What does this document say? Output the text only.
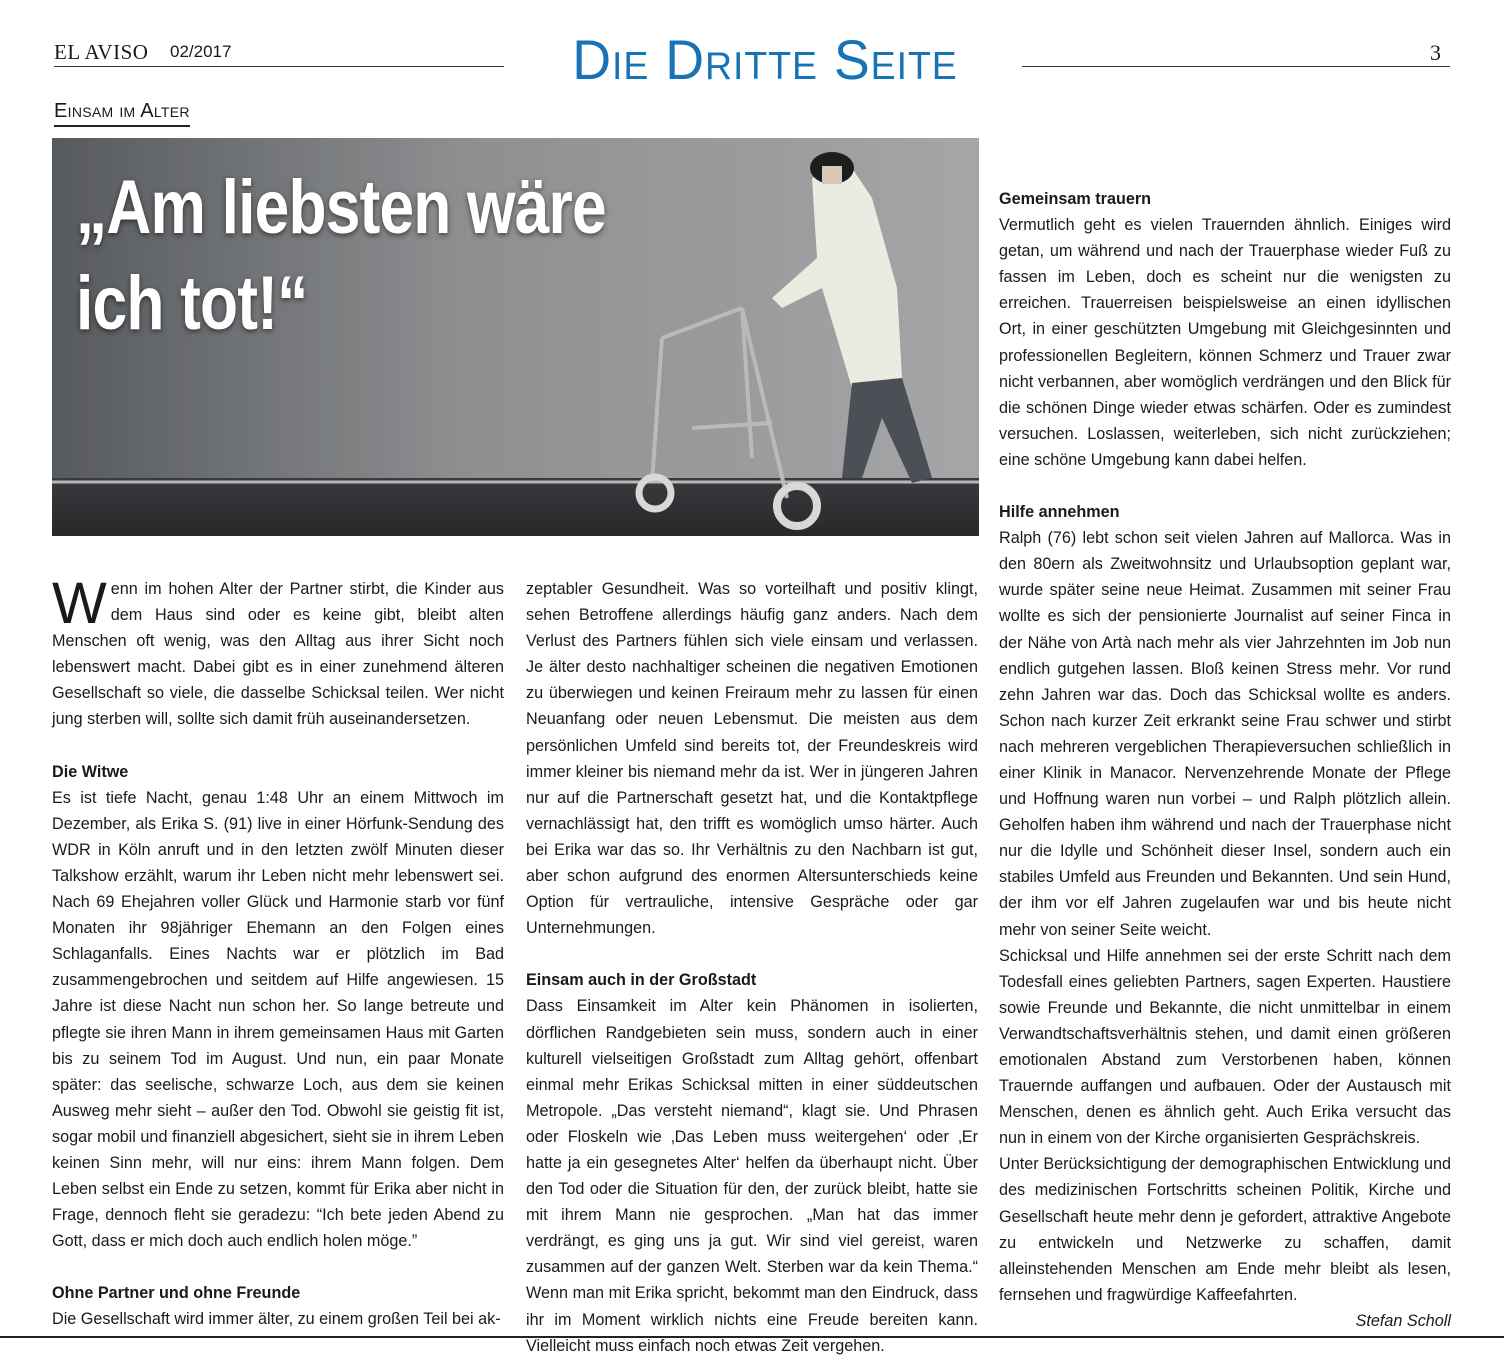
EL AVISO 02/2017	Die Dritte Seite	3
Einsam im Alter
„Am liebsten wäre
ich tot!“

Wenn im hohen Alter der Partner stirbt, die Kinder aus dem Haus sind oder es keine gibt, bleibt alten Menschen oft wenig, was den Alltag aus ihrer Sicht noch lebenswert macht. Dabei gibt es in einer zunehmend älteren Gesellschaft so viele, die dasselbe Schicksal teilen. Wer nicht jung sterben will, sollte sich damit früh auseinandersetzen.

Die Witwe

Es ist tiefe Nacht, genau 1:48 Uhr an einem Mittwoch im Dezember, als Erika S. (91) live in einer Hörfunk-Sendung des WDR in Köln anruft und in den letzten zwölf Minuten dieser Talkshow erzählt, warum ihr Leben nicht mehr lebenswert sei. Nach 69 Ehejahren voller Glück und Harmonie starb vor fünf Monaten ihr 98jähriger Ehemann an den Folgen eines Schlaganfalls. Eines Nachts war er plötzlich im Bad zusammengebrochen und seitdem auf Hilfe angewiesen. 15 Jahre ist diese Nacht nun schon her. So lange betreute und pflegte sie ihren Mann in ihrem gemeinsamen Haus mit Garten bis zu seinem Tod im August. Und nun, ein paar Monate später: das seelische, schwarze Loch, aus dem sie keinen Ausweg mehr sieht – außer den Tod. Obwohl sie geistig fit ist, sogar mobil und finanziell abgesichert, sieht sie in ihrem Leben keinen Sinn mehr, will nur eins: ihrem Mann folgen. Dem Leben selbst ein Ende zu setzen, kommt für Erika aber nicht in Frage, dennoch fleht sie geradezu: “Ich bete jeden Abend zu Gott, dass er mich doch auch endlich holen möge.”

Ohne Partner und ohne Freunde

Die Gesellschaft wird immer älter, zu einem großen Teil bei ak-

zeptabler Gesundheit. Was so vorteilhaft und positiv klingt, sehen Betroffene allerdings häufig ganz anders. Nach dem Verlust des Partners fühlen sich viele einsam und verlassen. Je älter desto nachhaltiger scheinen die negativen Emotionen zu überwiegen und keinen Freiraum mehr zu lassen für einen Neuanfang oder neuen Lebensmut. Die meisten aus dem persönlichen Umfeld sind bereits tot, der Freundeskreis wird immer kleiner bis niemand mehr da ist. Wer in jüngeren Jahren nur auf die Partnerschaft gesetzt hat, und die Kontaktpflege vernachlässigt hat, den trifft es womöglich umso härter. Auch bei Erika war das so. Ihr Verhältnis zu den Nachbarn ist gut, aber schon aufgrund des enormen Altersunterschieds keine Option für vertrauliche, intensive Gespräche oder gar Unternehmungen.

Einsam auch in der Großstadt

Dass Einsamkeit im Alter kein Phänomen in isolierten, dörflichen Randgebieten sein muss, sondern auch in einer kulturell vielseitigen Großstadt zum Alltag gehört, offenbart einmal mehr Erikas Schicksal mitten in einer süddeutschen Metropole. „Das versteht niemand“, klagt sie. Und Phrasen oder Floskeln wie ‚Das Leben muss weitergehen‘ oder ‚Er hatte ja ein gesegnetes Alter‘ helfen da überhaupt nicht. Über den Tod oder die Situation für den, der zurück bleibt, hatte sie mit ihrem Mann nie gesprochen. „Man hat das immer verdrängt, es ging uns ja gut. Wir sind viel gereist, waren zusammen auf der ganzen Welt. Sterben war da kein Thema.“ Wenn man mit Erika spricht, bekommt man den Eindruck, dass ihr im Moment wirklich nichts eine Freude bereiten kann. Vielleicht muss einfach noch etwas Zeit vergehen.

Gemeinsam trauern

Vermutlich geht es vielen Trauernden ähnlich. Einiges wird getan, um während und nach der Trauerphase wieder Fuß zu fassen im Leben, doch es scheint nur die wenigsten zu erreichen. Trauerreisen beispielsweise an einen idyllischen Ort, in einer geschützten Umgebung mit Gleichgesinnten und professionellen Begleitern, können Schmerz und Trauer zwar nicht verbannen, aber womöglich verdrängen und den Blick für die schönen Dinge wieder etwas schärfen. Oder es zumindest versuchen. Loslassen, weiterleben, sich nicht zurückziehen; eine schöne Umgebung kann dabei helfen.

Hilfe annehmen

Ralph (76) lebt schon seit vielen Jahren auf Mallorca. Was in den 80ern als Zweitwohnsitz und Urlaubsoption geplant war, wurde später seine neue Heimat. Zusammen mit seiner Frau wollte es sich der pensionierte Journalist auf seiner Finca in der Nähe von Artà nach mehr als vier Jahrzehnten im Job nun endlich gutgehen lassen. Bloß keinen Stress mehr. Vor rund zehn Jahren war das. Doch das Schicksal wollte es anders. Schon nach kurzer Zeit erkrankt seine Frau schwer und stirbt nach mehreren vergeblichen Therapieversuchen schließlich in einer Klinik in Manacor. Nervenzehrende Monate der Pflege und Hoffnung waren nun vorbei – und Ralph plötzlich allein. Geholfen haben ihm während und nach der Trauerphase nicht nur die Idylle und Schönheit dieser Insel, sondern auch ein stabiles Umfeld aus Freunden und Bekannten. Und sein Hund, der ihm vor elf Jahren zugelaufen war und bis heute nicht mehr von seiner Seite weicht.

Schicksal und Hilfe annehmen sei der erste Schritt nach dem Todesfall eines geliebten Partners, sagen Experten. Haustiere sowie Freunde und Bekannte, die nicht unmittelbar in einem Verwandtschaftsverhältnis stehen, und damit einen größeren emotionalen Abstand zum Verstorbenen haben, können Trauernde auffangen und aufbauen. Oder der Austausch mit Menschen, denen es ähnlich geht. Auch Erika versucht das nun in einem von der Kirche organisierten Gesprächskreis.

Unter Berücksichtigung der demographischen Entwicklung und des medizinischen Fortschritts scheinen Politik, Kirche und Gesellschaft heute mehr denn je gefordert, attraktive Angebote zu entwickeln und Netzwerke zu schaffen, damit alleinstehenden Menschen am Ende mehr bleibt als lesen, fernsehen und fragwürdige Kaffeefahrten.

Stefan Scholl
